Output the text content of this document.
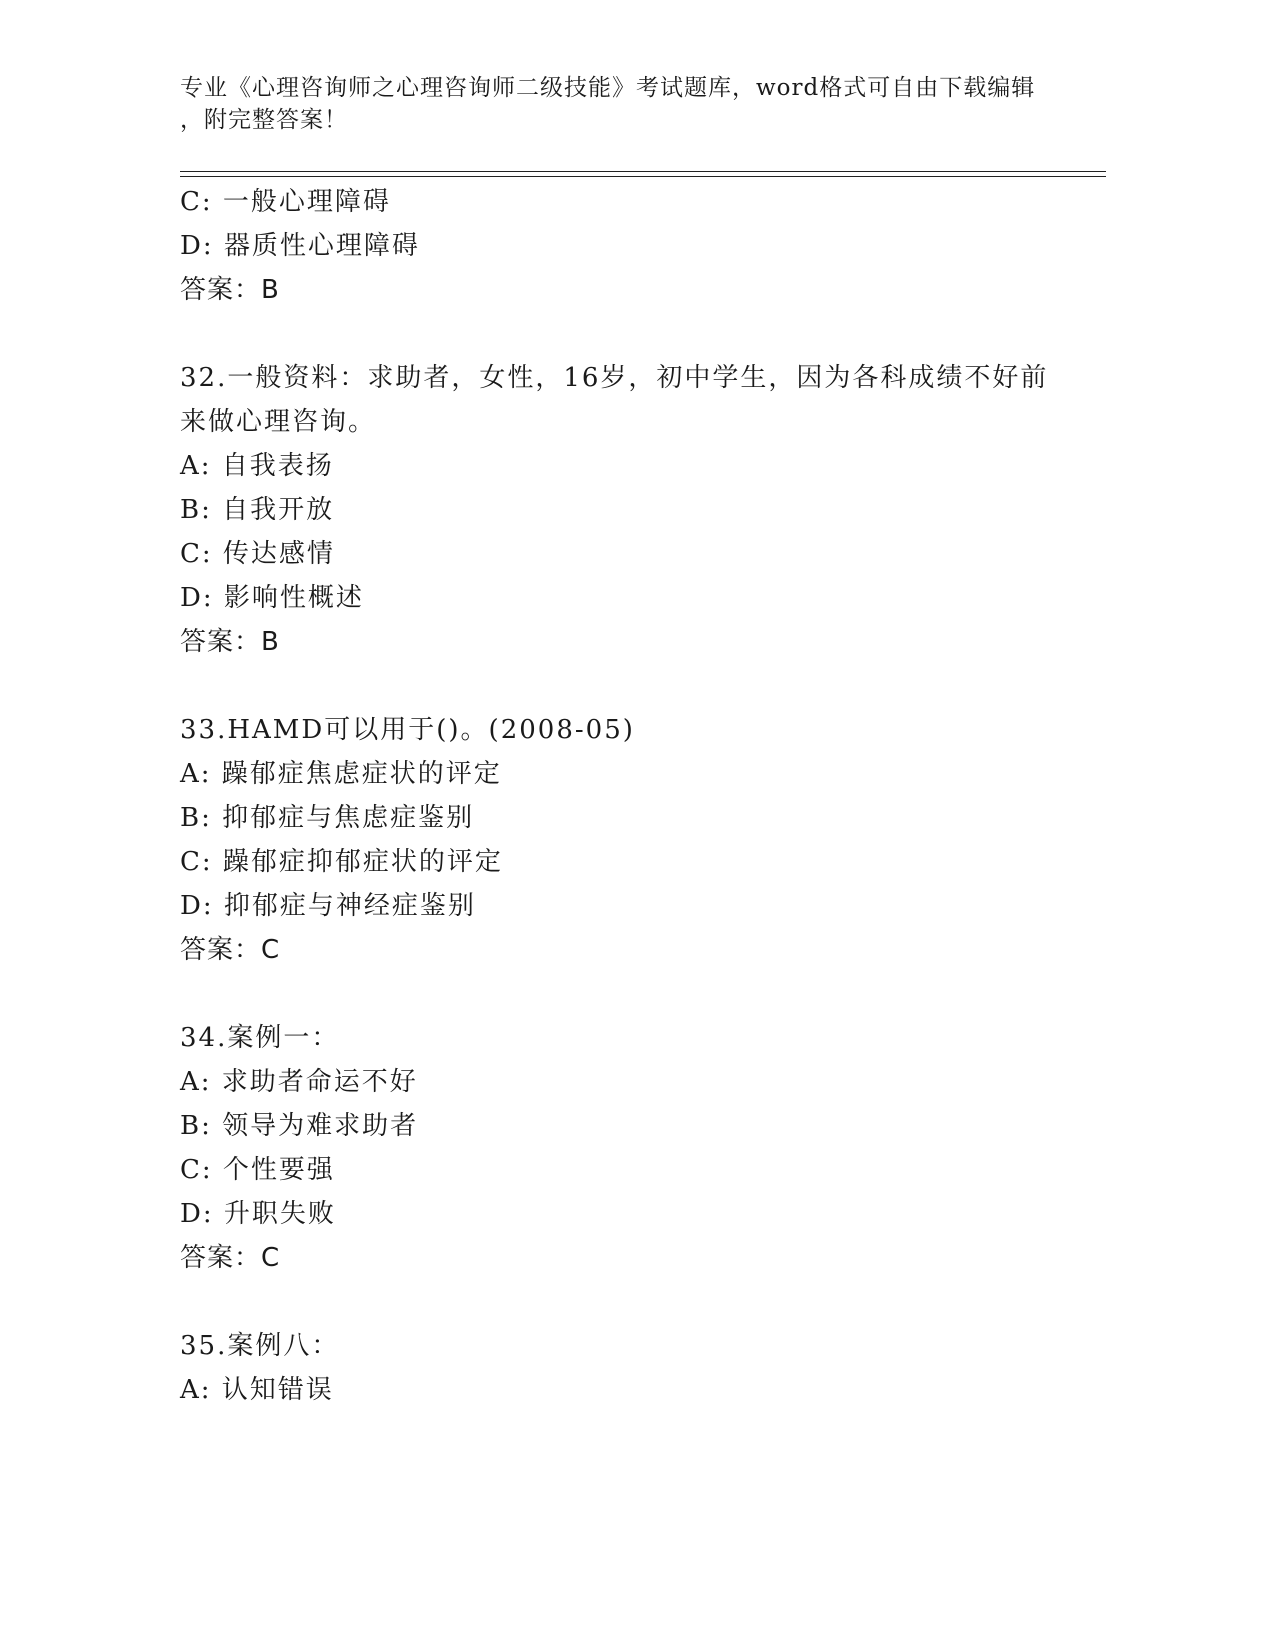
专业《心理咨询师之心理咨询师二级技能》考试题库，word格式可自由下载编辑
，附完整答案！
C: 一般心理障碍
D: 器质性心理障碍
答案：B
32.一般资料：求助者，女性，16岁，初中学生，因为各科成绩不好前
来做心理咨询。
A: 自我表扬
B: 自我开放
C: 传达感情
D: 影响性概述
答案：B
33.HAMD可以用于()。(2008-05)
A: 躁郁症焦虑症状的评定
B: 抑郁症与焦虑症鉴别
C: 躁郁症抑郁症状的评定
D: 抑郁症与神经症鉴别
答案：C
34.案例一：
A: 求助者命运不好
B: 领导为难求助者
C: 个性要强
D: 升职失败
答案：C
35.案例八：
A: 认知错误
